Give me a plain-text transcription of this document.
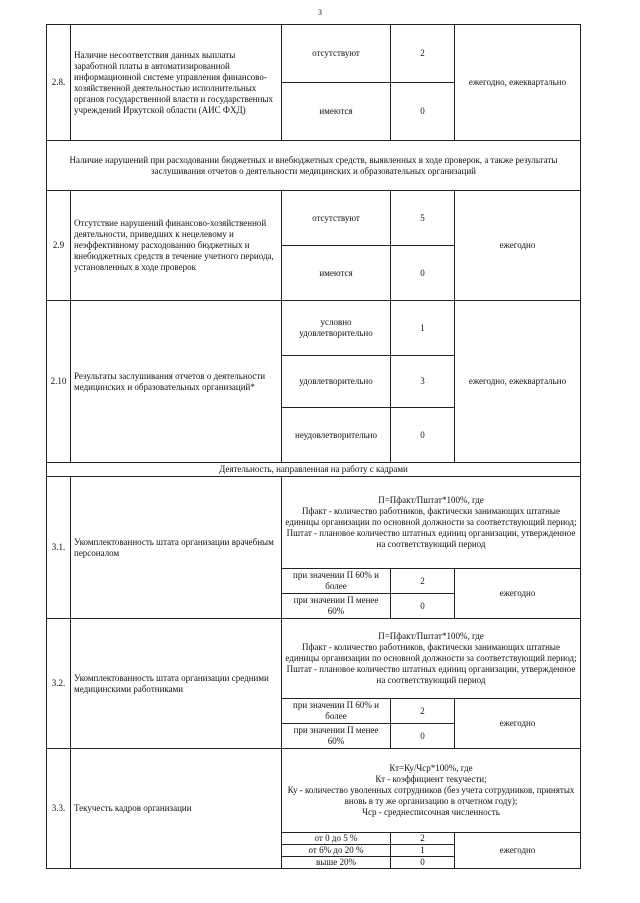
3
2.8.	Наличие несоответствия данных выплаты заработной платы в автоматизированной информационной системе управления финансово-хозяйственной деятельностью исполнительных органов государственной власти и государственных учреждений Иркутской области (АИС ФХД)	отсутствуют	2	ежегодно, ежеквартально
		имеются	0	
Наличие нарушений при расходовании бюджетных и внебюджетных средств, выявленных в ходе проверок, а также результаты заслушивания отчетов о деятельности медицинских и образовательных организаций				
2.9	Отсутствие нарушений финансово-хозяйственной деятельности, приведших к нецелевому и неэффективному расходованию бюджетных и внебюджетных средств в течение учетного периода, установленных в ходе проверок	отсутствуют	5	ежегодно
		имеются	0	
2.10	Результаты заслушивания отчетов о деятельности медицинских и образовательных организаций*	условно удовлетворительно	1	ежегодно, ежеквартально
		удовлетворительно	3	
		неудовлетворительно	0	
Деятельность, направленная на работу с кадрами				
3.1.	Укомплектованность штата организации врачебным персоналом	П=Пфакт/Пштат*100%, где
Пфакт - количество работников, фактически занимающих штатные единицы организации по основной должности за соответствующий период;
Пштат - плановое количество штатных единиц организации, утвержденное на соответствующий период		

		при значении П 60% и более	2	ежегодно
		при значении П менее 60%	0	
3.2.	Укомплектованность штата организации средними медицинскими работниками	П=Пфакт/Пштат*100%, где
Пфакт - количество работников, фактически занимающих штатные единицы организации по основной должности за соответствующий период;
Пштат - плановое количество штатных единиц организации, утвержденное на соответствующий период		

		при значении П 60% и более	2	ежегодно
		при значении П менее 60%	0	
3.3.	Текучесть кадров организации	Кт=Ку/Чср*100%, где
Кт - коэффициент текучести;
Ку - количество уволенных сотрудников (без учета сотрудников, принятых вновь в ту же организацию в отчетном году);
Чср - среднесписочная численность		

		от 0 до 5 %	2	ежегодно
		от 6% до 20 %	1	
		выше 20%	0	
